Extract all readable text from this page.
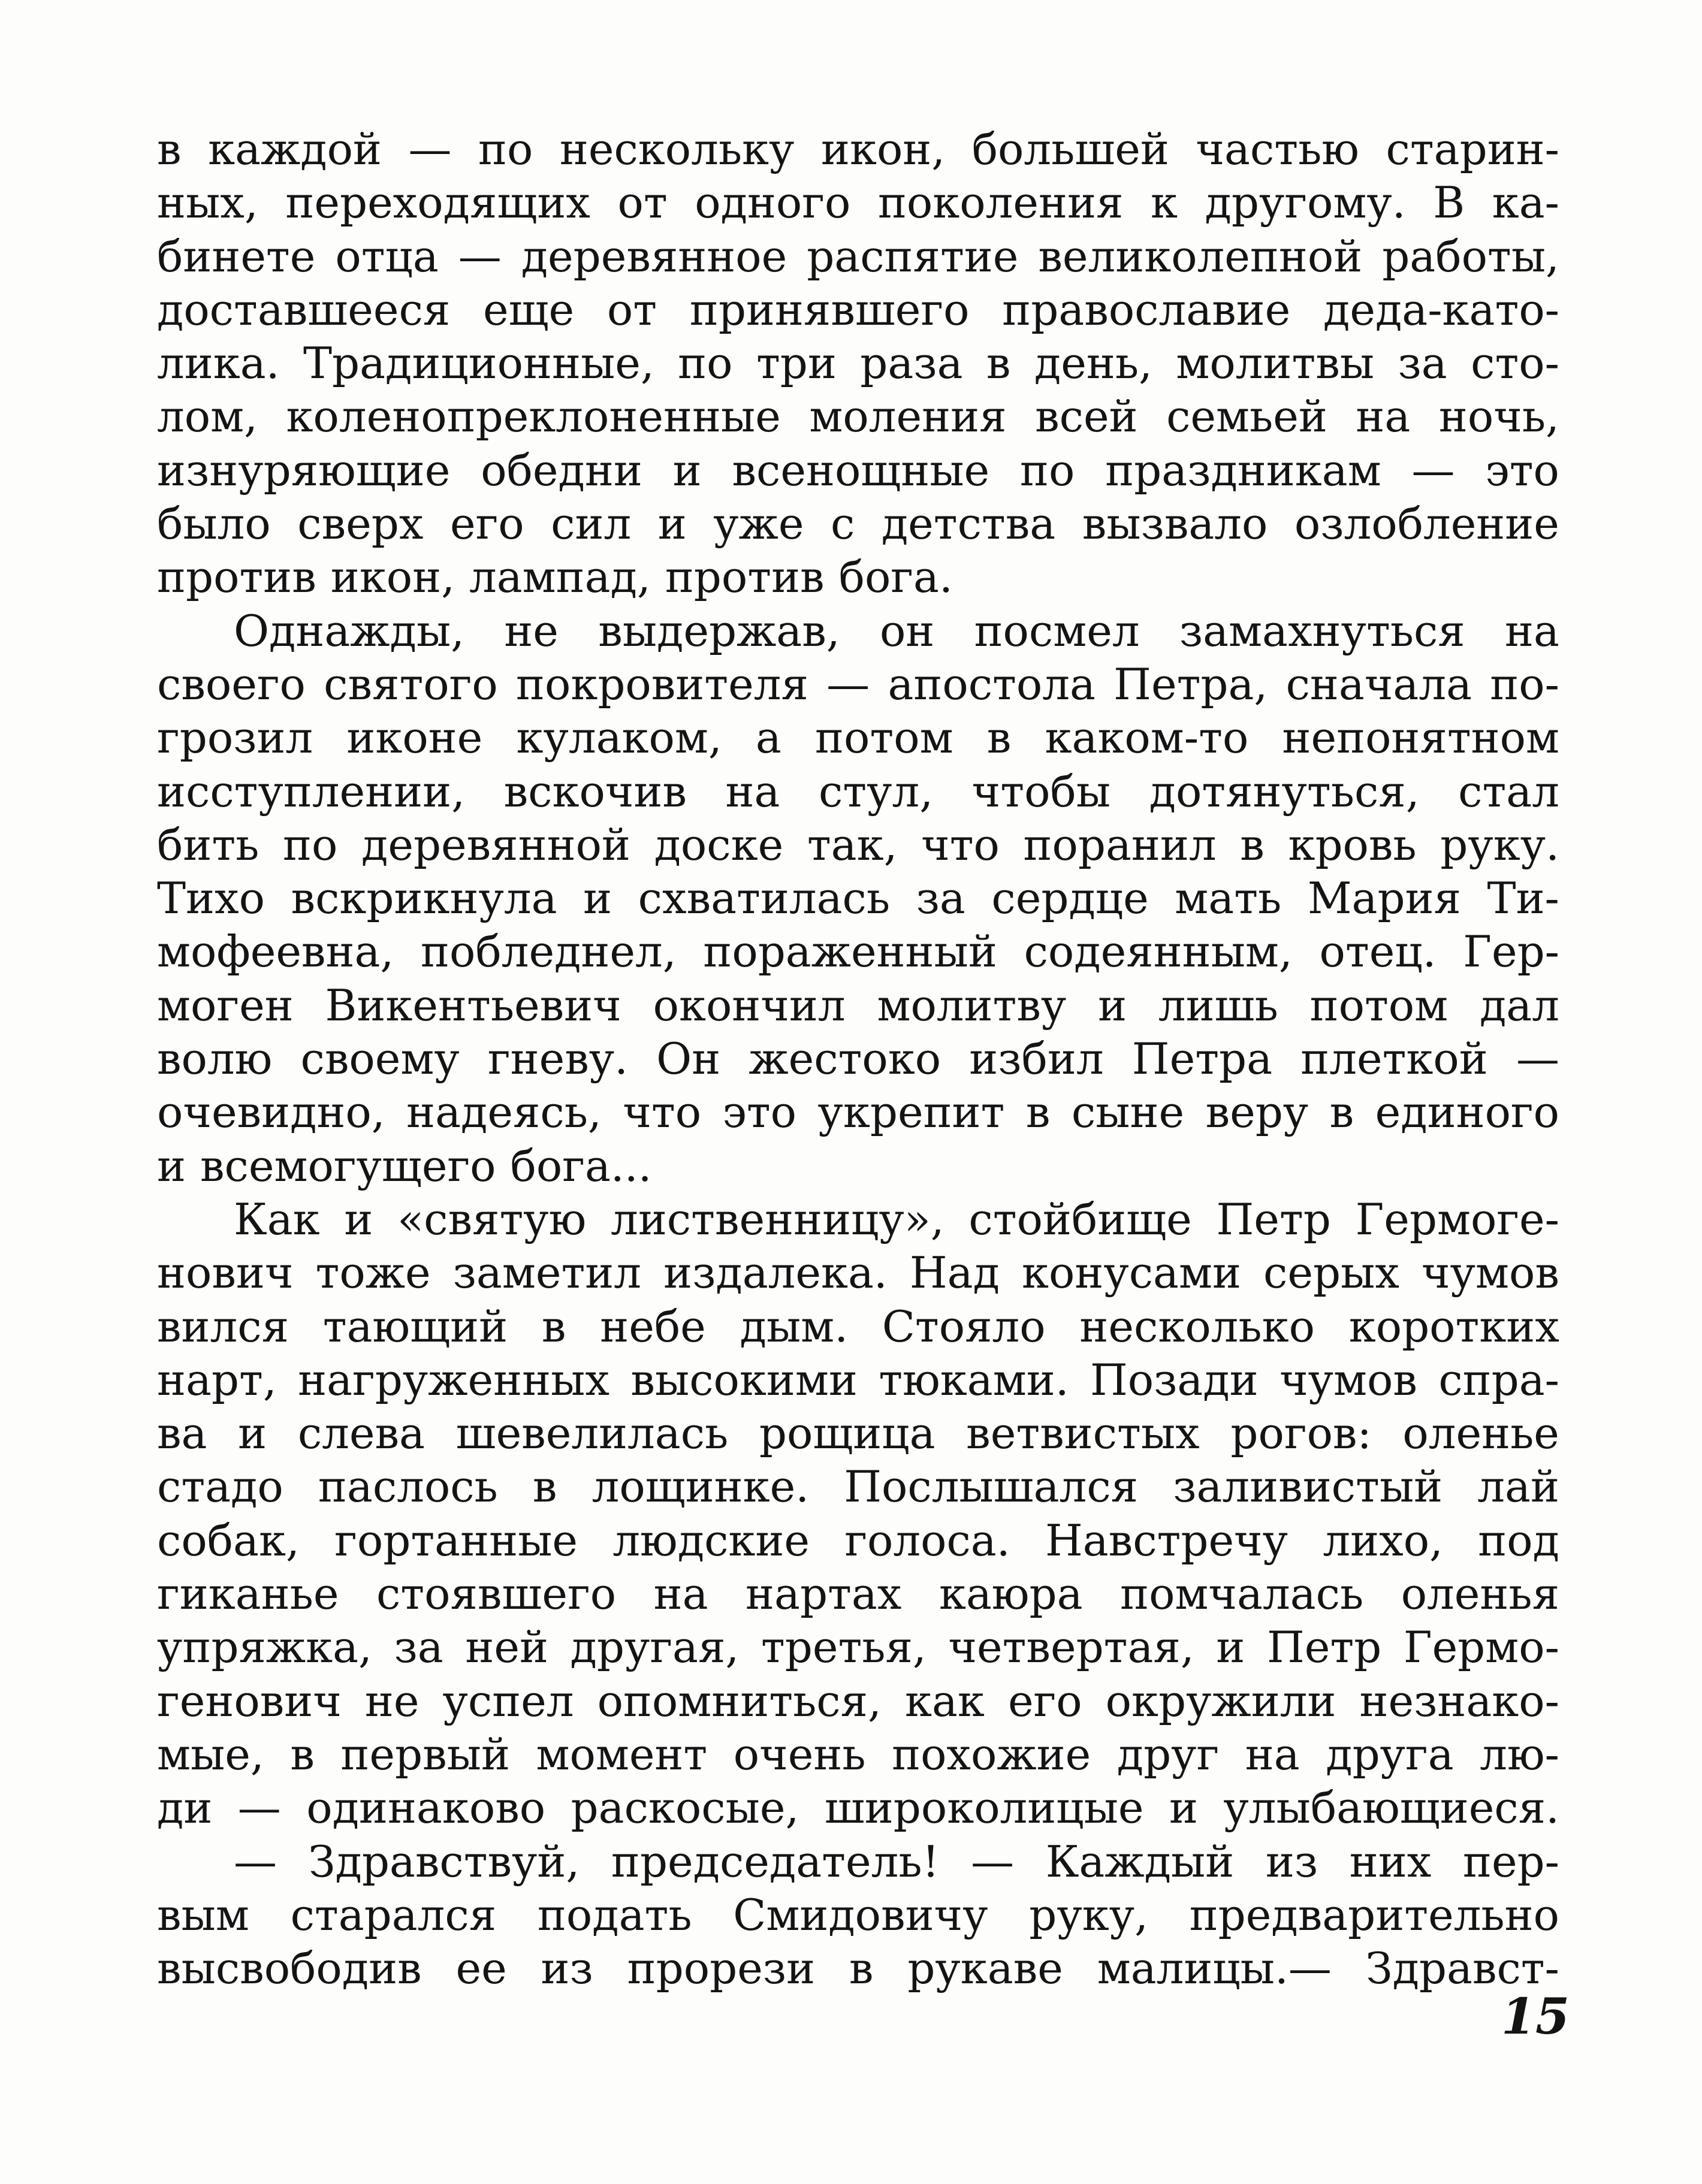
в каждой — по нескольку икон, большей частью старин-
ных, переходящих от одного поколения к другому. В ка-
бинете отца — деревянное распятие великолепной работы,
доставшееся еще от принявшего православие деда-като-
лика. Традиционные, по три раза в день, молитвы за сто-
лом, коленопреклоненные моления всей семьей на ночь,
изнуряющие обедни и всенощные по праздникам — это
было сверх его сил и уже с детства вызвало озлобление
против икон, лампад, против бога.
Однажды, не выдержав, он посмел замахнуться на
своего святого покровителя — апостола Петра, сначала по-
грозил иконе кулаком, а потом в каком-то непонятном
исступлении, вскочив на стул, чтобы дотянуться, стал
бить по деревянной доске так, что поранил в кровь руку.
Тихо вскрикнула и схватилась за сердце мать Мария Ти-
мофеевна, побледнел, пораженный содеянным, отец. Гер-
моген Викентьевич окончил молитву и лишь потом дал
волю своему гневу. Он жестоко избил Петра плеткой —
очевидно, надеясь, что это укрепит в сыне веру в единого
и всемогущего бога...
Как и «святую лиственницу», стойбище Петр Гермоге-
нович тоже заметил издалека. Над конусами серых чумов
вился тающий в небе дым. Стояло несколько коротких
нарт, нагруженных высокими тюками. Позади чумов спра-
ва и слева шевелилась рощица ветвистых рогов: оленье
стадо паслось в лощинке. Послышался заливистый лай
собак, гортанные людские голоса. Навстречу лихо, под
гиканье стоявшего на нартах каюра помчалась оленья
упряжка, за ней другая, третья, четвертая, и Петр Гермо-
генович не успел опомниться, как его окружили незнако-
мые, в первый момент очень похожие друг на друга лю-
ди — одинаково раскосые, широколицые и улыбающиеся.
— Здравствуй, председатель! — Каждый из них пер-
вым старался подать Смидовичу руку, предварительно
высвободив ее из прорези в рукаве малицы.— Здравст-
15
